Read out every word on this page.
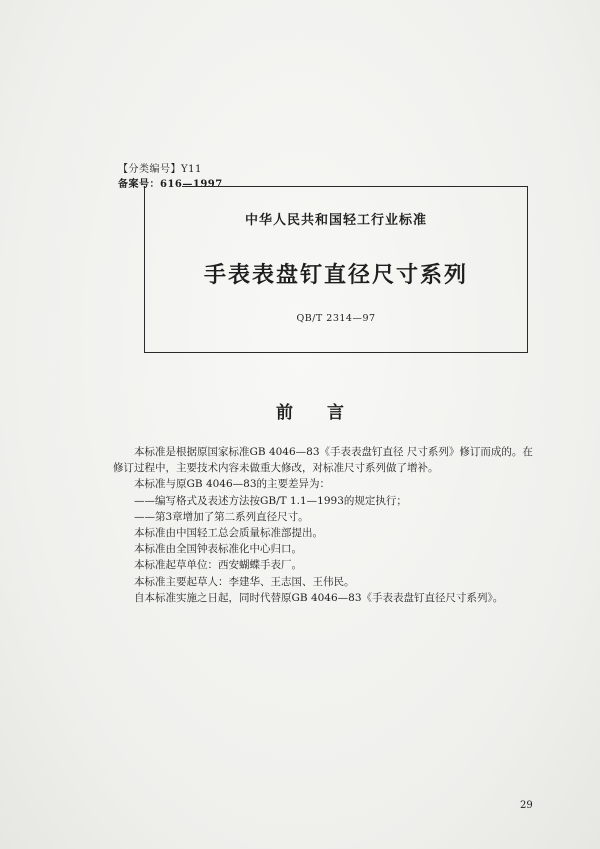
【分类编号】Y11
备案号：616—1997
中华人民共和国轻工行业标准
手表表盘钉直径尺寸系列
QB/T 2314—97
前 言
本标准是根据原国家标准GB 4046—83《手表表盘钉直径 尺寸系列》修订而成的。在
修订过程中，主要技术内容未做重大修改，对标准尺寸系列做了增补。
本标准与原GB 4046—83的主要差异为：
——编写格式及表述方法按GB/T 1.1—1993的规定执行；
——第3章增加了第二系列直径尺寸。
本标准由中国轻工总会质量标准部提出。
本标准由全国钟表标准化中心归口。
本标准起草单位：西安蝴蝶手表厂。
本标准主要起草人：李建华、王志国、王伟民。
自本标准实施之日起，同时代替原GB 4046—83《手表表盘钉直径尺寸系列》。
29
